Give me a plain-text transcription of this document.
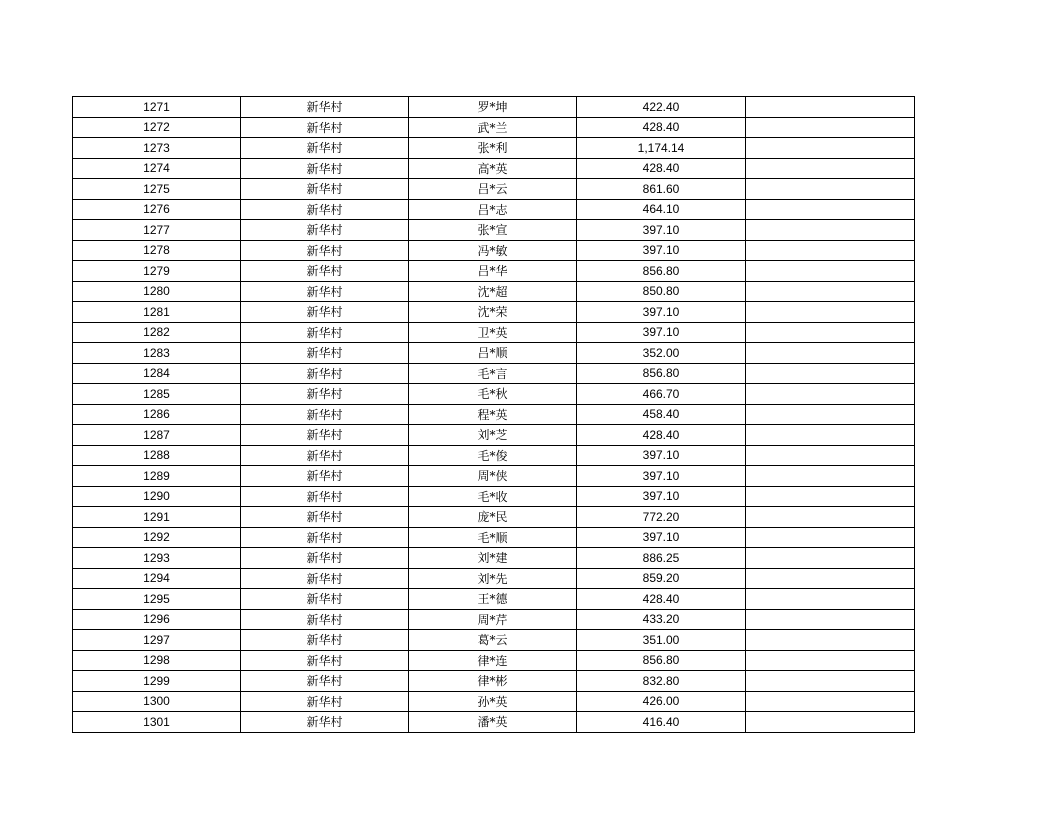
1271	新华村	罗*坤	422.40	
1272	新华村	武*兰	428.40	
1273	新华村	张*利	1,174.14	
1274	新华村	高*英	428.40	
1275	新华村	吕*云	861.60	
1276	新华村	吕*志	464.10	
1277	新华村	张*宣	397.10	
1278	新华村	冯*敏	397.10	
1279	新华村	吕*华	856.80	
1280	新华村	沈*超	850.80	
1281	新华村	沈*荣	397.10	
1282	新华村	卫*英	397.10	
1283	新华村	吕*顺	352.00	
1284	新华村	毛*言	856.80	
1285	新华村	毛*秋	466.70	
1286	新华村	程*英	458.40	
1287	新华村	刘*芝	428.40	
1288	新华村	毛*俊	397.10	
1289	新华村	周*侠	397.10	
1290	新华村	毛*收	397.10	
1291	新华村	庞*民	772.20	
1292	新华村	毛*顺	397.10	
1293	新华村	刘*建	886.25	
1294	新华村	刘*先	859.20	
1295	新华村	王*德	428.40	
1296	新华村	周*芹	433.20	
1297	新华村	葛*云	351.00	
1298	新华村	律*连	856.80	
1299	新华村	律*彬	832.80	
1300	新华村	孙*英	426.00	
1301	新华村	潘*英	416.40	
